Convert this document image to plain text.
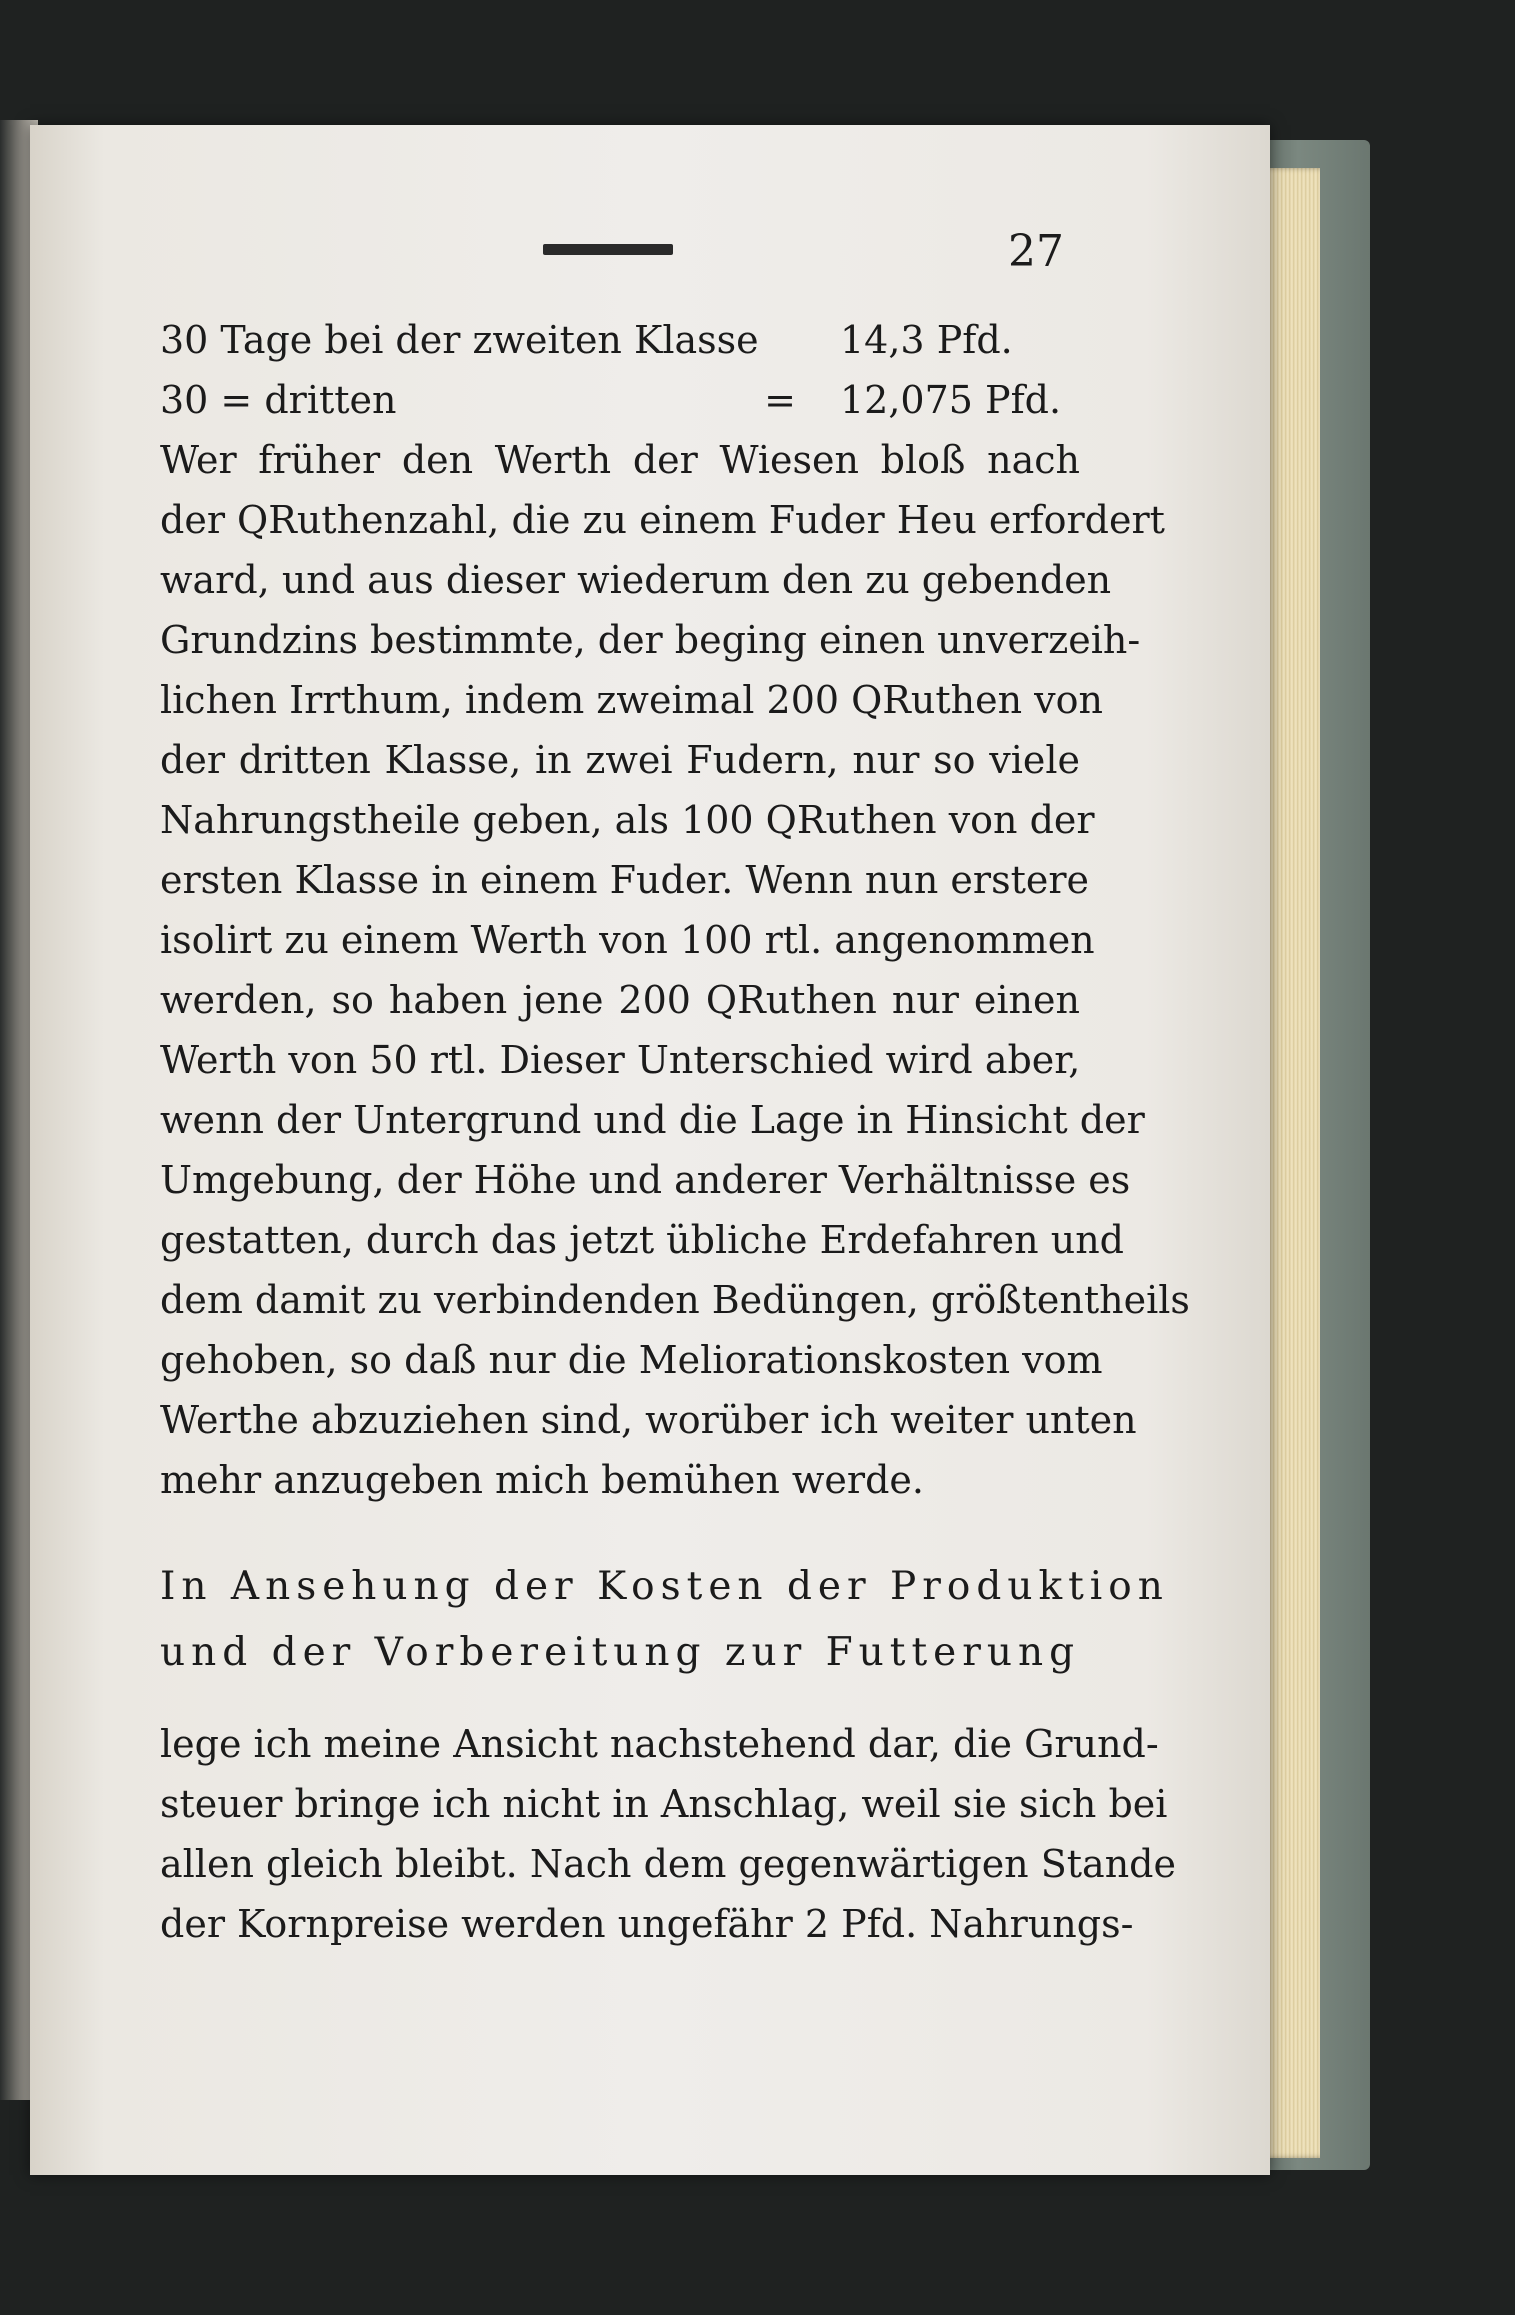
27
30 Tage bei der zweiten Klasse 14,3 Pfd.
30 = dritten	=	12,075 Pfd.
Wer früher den Werth der Wiesen bloß nach
der QRuthenzahl, die zu einem Fuder Heu erfordert
ward, und aus dieser wiederum den zu gebenden
Grundzins bestimmte, der beging einen unverzeih-
lichen Irrthum, indem zweimal 200 QRuthen von
der dritten Klasse, in zwei Fudern, nur so viele
Nahrungstheile geben, als 100 QRuthen von der
ersten Klasse in einem Fuder. Wenn nun erstere
isolirt zu einem Werth von 100 rtl. angenommen
werden, so haben jene 200 QRuthen nur einen
Werth von 50 rtl. Dieser Unterschied wird aber,
wenn der Untergrund und die Lage in Hinsicht der
Umgebung, der Höhe und anderer Verhältnisse es
gestatten, durch das jetzt übliche Erdefahren und
dem damit zu verbindenden Bedüngen, größtentheils
gehoben, so daß nur die Meliorationskosten vom
Werthe abzuziehen sind, worüber ich weiter unten
mehr anzugeben mich bemühen werde.
In Ansehung der Kosten der Produktion
und der Vorbereitung zur Futterung
lege ich meine Ansicht nachstehend dar, die Grund-
steuer bringe ich nicht in Anschlag, weil sie sich bei
allen gleich bleibt. Nach dem gegenwärtigen Stande
der Kornpreise werden ungefähr 2 Pfd. Nahrungs-
